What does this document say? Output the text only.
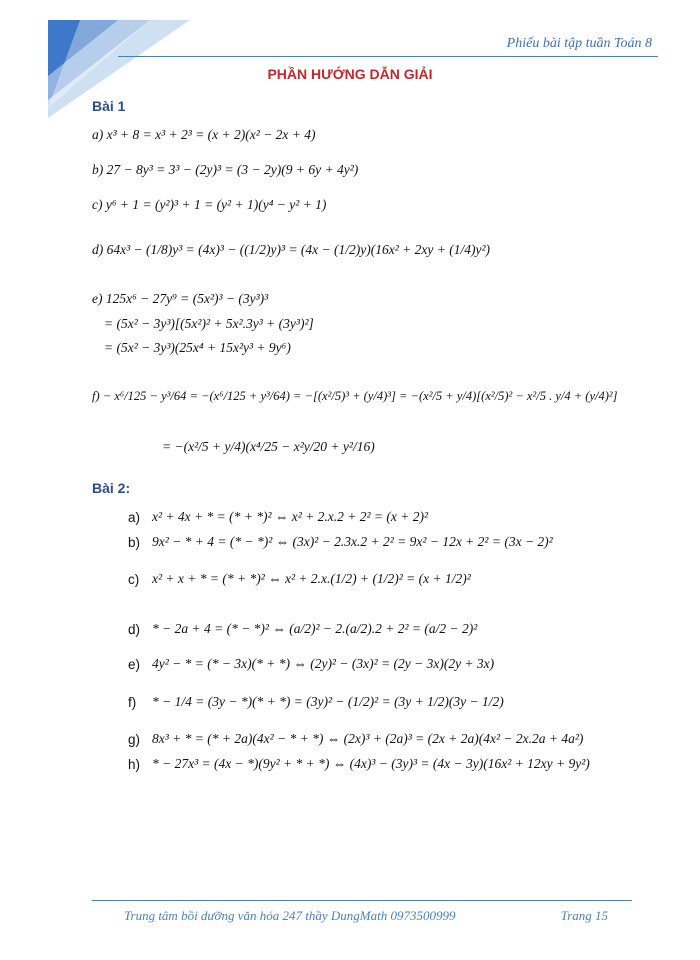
Phiếu bài tập tuần Toán 8
PHẦN HƯỚNG DẪN GIẢI
Bài 1
a) x³ + 8 = x³ + 2³ = (x + 2)(x² − 2x + 4)
b) 27 − 8y³ = 3³ − (2y)³ = (3 − 2y)(9 + 6y + 4y²)
c) y⁶ + 1 = (y²)³ + 1 = (y² + 1)(y⁴ − y² + 1)
d) 64x³ − (1/8)y³ = (4x)³ − ((1/2)y)³ = (4x − (1/2)y)(16x² + 2xy + (1/4)y²)
e) 125x⁶ − 27y⁹ = (5x²)³ − (3y³)³
= (5x² − 3y³)[(5x²)² + 5x².3y³ + (3y³)²]
= (5x² − 3y³)(25x⁴ + 15x²y³ + 9y⁶)
f) − x⁶/125 − y³/64 = −(x⁶/125 + y³/64) = −[(x²/5)³ + (y/4)³] = −(x²/5 + y/4)[(x²/5)² − x²/5 . y/4 + (y/4)²]
= −(x²/5 + y/4)(x⁴/25 − x²y/20 + y²/16)
Bài 2:
a) x² + 4x + * = (* + *)² ⇔ x² + 2.x.2 + 2² = (x + 2)²
b) 9x² − * + 4 = (* − *)² ⇔ (3x)² − 2.3x.2 + 2² = 9x² − 12x + 2² = (3x − 2)²
c) x² + x + * = (* + *)² ⇔ x² + 2.x.(1/2) + (1/2)² = (x + 1/2)²
d) * − 2a + 4 = (* − *)² ⇔ (a/2)² − 2.(a/2).2 + 2² = (a/2 − 2)²
e) 4y² − * = (* − 3x)(* + *) ⇔ (2y)² − (3x)² = (2y − 3x)(2y + 3x)
f) * − 1/4 = (3y − *)(* + *) = (3y)² − (1/2)² = (3y + 1/2)(3y − 1/2)
g) 8x³ + * = (* + 2a)(4x² − * + *) ⇔ (2x)³ + (2a)³ = (2x + 2a)(4x² − 2x.2a + 4a²)
h) * − 27x³ = (4x − *)(9y² + * + *) ⇔ (4x)³ − (3y)³ = (4x − 3y)(16x² + 12xy + 9y²)
Trung tâm bồi dưỡng văn hóa 247 thầy DungMath 0973500999	Trang 15
